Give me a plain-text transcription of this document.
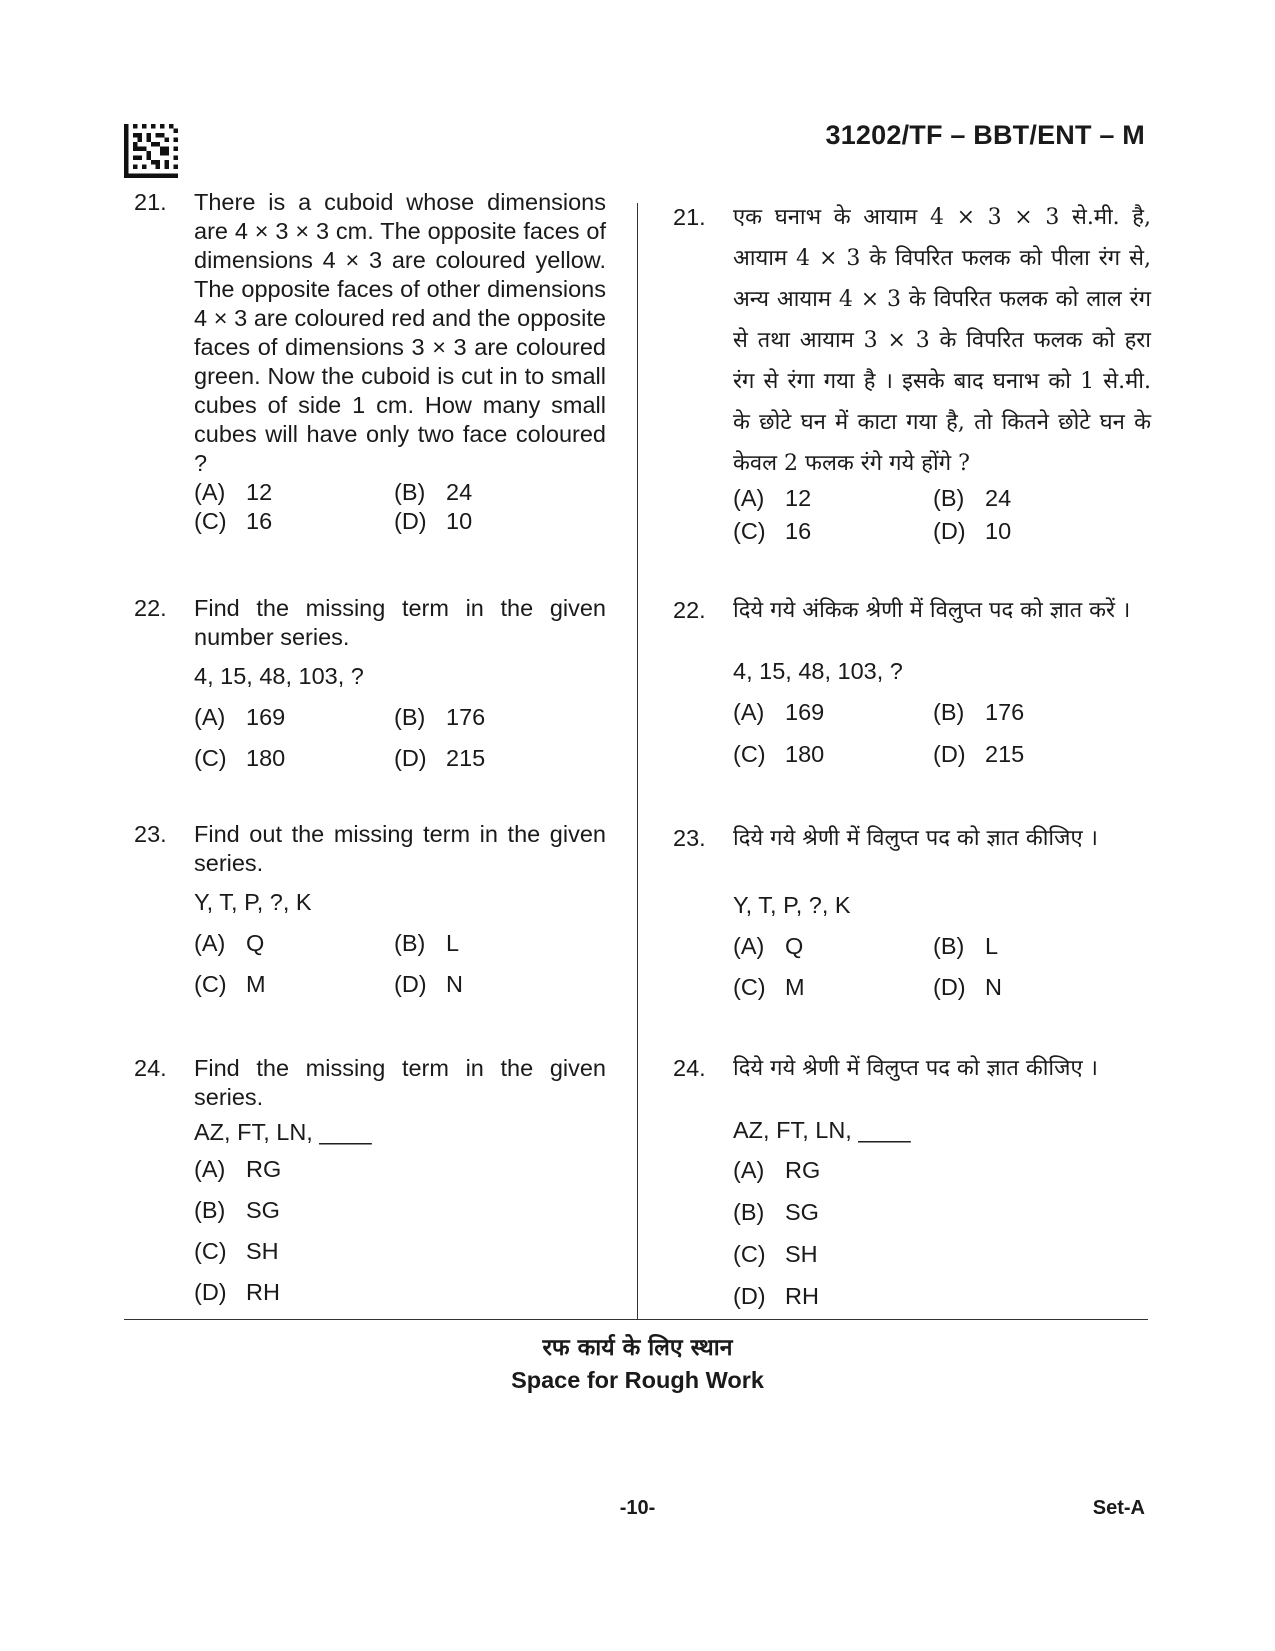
31202/TF – BBT/ENT – M
21. There is a cuboid whose dimensions are 4 × 3 × 3 cm. The opposite faces of dimensions 4 × 3 are coloured yellow. The opposite faces of other dimensions 4 × 3 are coloured red and the opposite faces of dimensions 3 × 3 are coloured green. Now the cuboid is cut in to small cubes of side 1 cm. How many small cubes will have only two face coloured ?
(A) 12	(B) 24
(C) 16	(D) 10
22. Find the missing term in the given number series.
4, 15, 48, 103, ?
(A) 169	(B) 176
(C) 180	(D) 215
23. Find out the missing term in the given series.
Y, T, P, ?, K
(A) Q	(B) L
(C) M	(D) N
24. Find the missing term in the given series.
AZ, FT, LN, ____
(A) RG
(B) SG
(C) SH
(D) RH
21. एक घनाभ के आयाम 4 × 3 × 3 से.मी. है, आयाम 4 × 3 के विपरित फलक को पीला रंग से, अन्य आयाम 4 × 3 के विपरित फलक को लाल रंग से तथा आयाम 3 × 3 के विपरित फलक को हरा रंग से रंगा गया है । इसके बाद घनाभ को 1 से.मी. के छोटे घन में काटा गया है, तो कितने छोटे घन के केवल 2 फलक रंगे गये होंगे ?
(A) 12	(B) 24
(C) 16	(D) 10
22. दिये गये अंकिक श्रेणी में विलुप्त पद को ज्ञात करें ।
4, 15, 48, 103, ?
(A) 169	(B) 176
(C) 180	(D) 215
23. दिये गये श्रेणी में विलुप्त पद को ज्ञात कीजिए ।
Y, T, P, ?, K
(A) Q	(B) L
(C) M	(D) N
24. दिये गये श्रेणी में विलुप्त पद को ज्ञात कीजिए ।
AZ, FT, LN, ____
(A) RG
(B) SG
(C) SH
(D) RH
रफ कार्य के लिए स्थान
Space for Rough Work
-10-	Set-A
